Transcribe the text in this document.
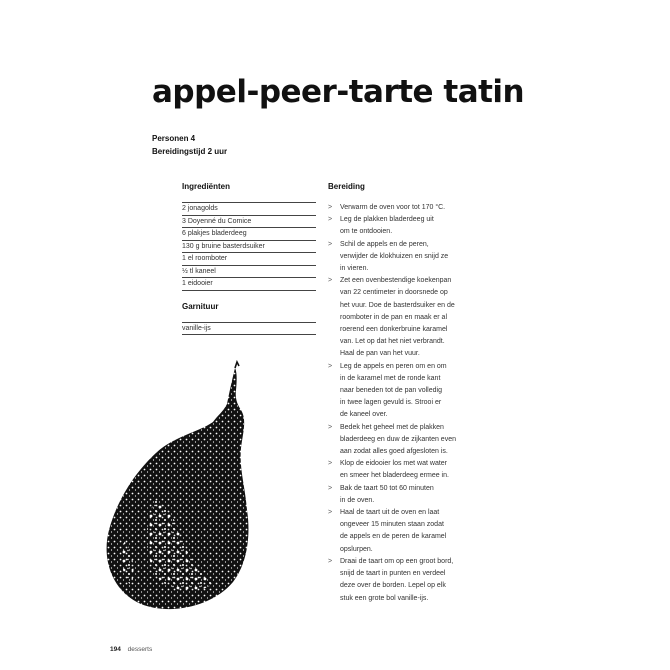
appel-peer-tarte tatin
Personen 4
Bereidingstijd 2 uur
Ingrediënten
2 jonagolds
3 Doyenné du Comice
6 plakjes bladerdeeg
130 g bruine basterdsuiker
1 el roomboter
½ tl kaneel
1 eidooier
Garnituur
vanille-ijs
Bereiding
> Verwarm de oven voor tot 170 °C.
> Leg de plakken bladerdeeg uit
om te ontdooien.
> Schil de appels en de peren,
verwijder de klokhuizen en snijd ze
in vieren.
> Zet een ovenbestendige koekenpan
van 22 centimeter in doorsnede op
het vuur. Doe de basterdsuiker en de
roomboter in de pan en maak er al
roerend een donkerbruine karamel
van. Let op dat het niet verbrandt.
Haal de pan van het vuur.
> Leg de appels en peren om en om
in de karamel met de ronde kant
naar beneden tot de pan volledig
in twee lagen gevuld is. Strooi er
de kaneel over.
> Bedek het geheel met de plakken
bladerdeeg en duw de zijkanten even
aan zodat alles goed afgesloten is.
> Klop de eidooier los met wat water
en smeer het bladerdeeg ermee in.
> Bak de taart 50 tot 60 minuten
in de oven.
> Haal de taart uit de oven en laat
ongeveer 15 minuten staan zodat
de appels en de peren de karamel
opslurpen.
> Draai de taart om op een groot bord,
snijd de taart in punten en verdeel
deze over de borden. Lepel op elk
stuk een grote bol vanille-ijs.
194 desserts
